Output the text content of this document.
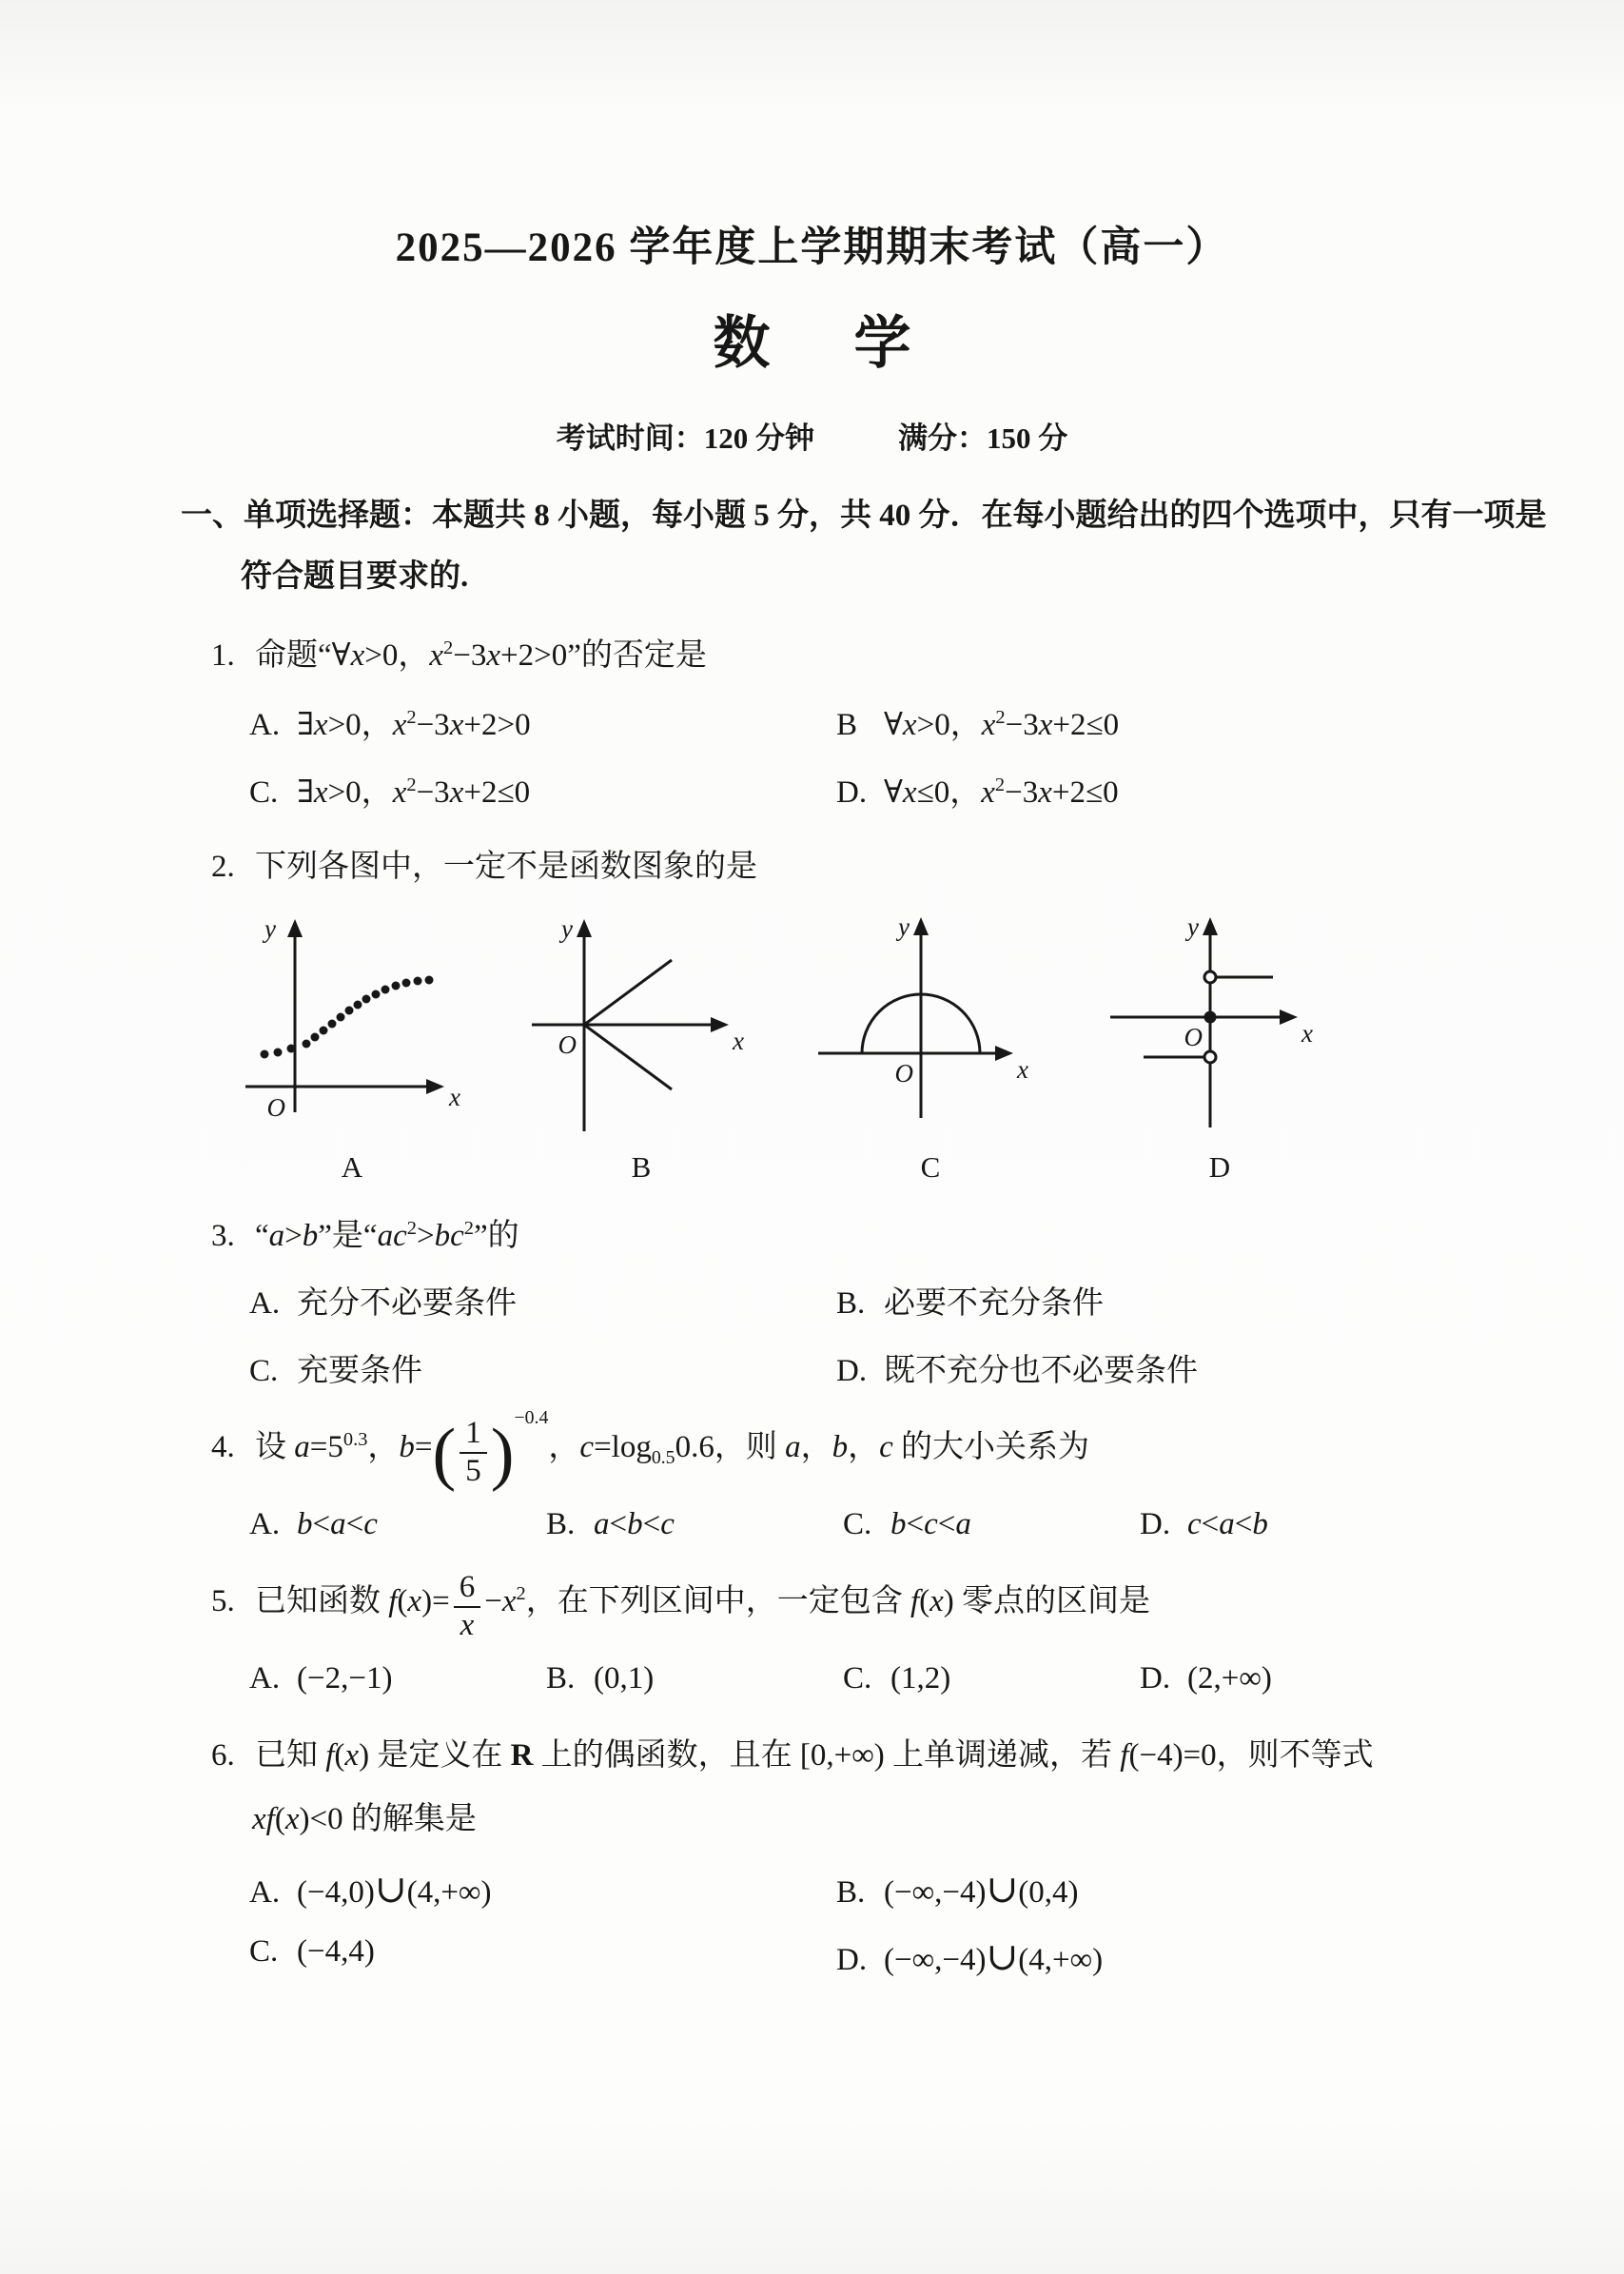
2025—2026 学年度上学期期末考试（高一）
数　学
考试时间：120 分钟	满分：150 分

一、单项选择题：本题共 8 小题，每小题 5 分，共 40 分．在每小题给出的四个选项中，只有一项是符合题目要求的.

1. 命题“∀x>0，$x^2-3x+2>0$”的否定是
A. ∃x>0，$x^2-3x+2>0$	B ∀x>0，$x^2-3x+2\le 0$
C. ∃x>0，$x^2-3x+2\le 0$	D. ∀x≤0，$x^2-3x+2\le 0$
2. 下列各图中，一定不是函数图象的是
y
x
O
A
y
x
O
B
y
x
O
C
y
x
O
D
3. “a>b”是“$ac^2>bc^2$”的
A. 充分不必要条件	B. 必要不充分条件
C. 充要条件	D. 既不充分也不必要条件
4. 设 $a=5^{0.3}$，$b=( \frac{1}{5} )^{-0.4}$，$c=\log_{0.5}0.6$，则 a，b，c 的大小关系为
A. b<a<c	B. a<b<c	C. b<c<a	D. c<a<b
5. 已知函数 $f(x)= \frac{6}{x} -x^2$，在下列区间中，一定包含 f(x) 零点的区间是
A. (−2,−1)	B. (0,1)	C. (1,2)	D. (2,+∞)
6. 已知 f(x) 是定义在 R 上的偶函数，且在 [0,+∞) 上单调递减，若 f(−4)=0，则不等式
xf(x)<0 的解集是
A. (−4,0)∪(4,+∞)	B. (−∞,−4)∪(0,4)
C. (−4,4)	D. (−∞,−4)∪(4,+∞)
